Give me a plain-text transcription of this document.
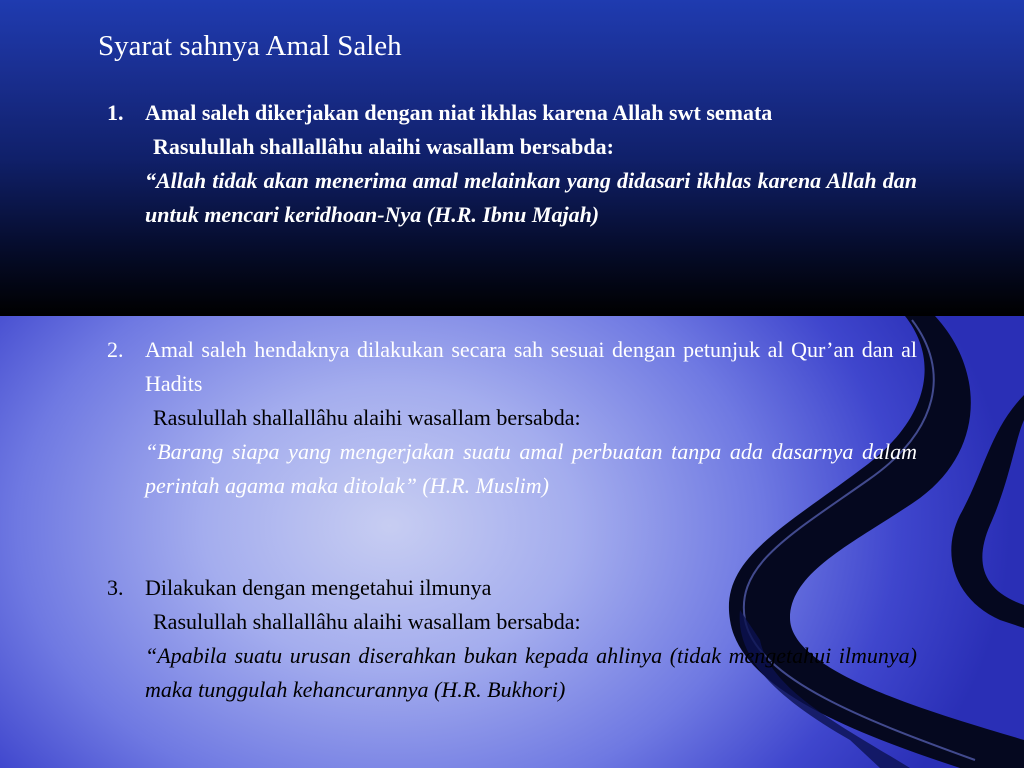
Syarat sahnya Amal Saleh
1. Amal saleh dikerjakan dengan niat ikhlas karena Allah swt semata
Rasulullah shallallâhu alaihi wasallam bersabda:
“Allah tidak akan menerima amal melainkan yang didasari ikhlas karena Allah dan untuk mencari keridhoan-Nya (H.R. Ibnu Majah)
2. Amal saleh hendaknya dilakukan secara sah sesuai dengan petunjuk al Qur’an dan al Hadits
Rasulullah shallallâhu alaihi wasallam bersabda:
“Barang siapa yang mengerjakan suatu amal perbuatan tanpa ada dasarnya dalam perintah agama maka ditolak” (H.R. Muslim)
3. Dilakukan dengan mengetahui ilmunya
Rasulullah shallallâhu alaihi wasallam bersabda:
“Apabila suatu urusan diserahkan bukan kepada ahlinya (tidak mengetahui ilmunya) maka tunggulah kehancurannya (H.R. Bukhori)
